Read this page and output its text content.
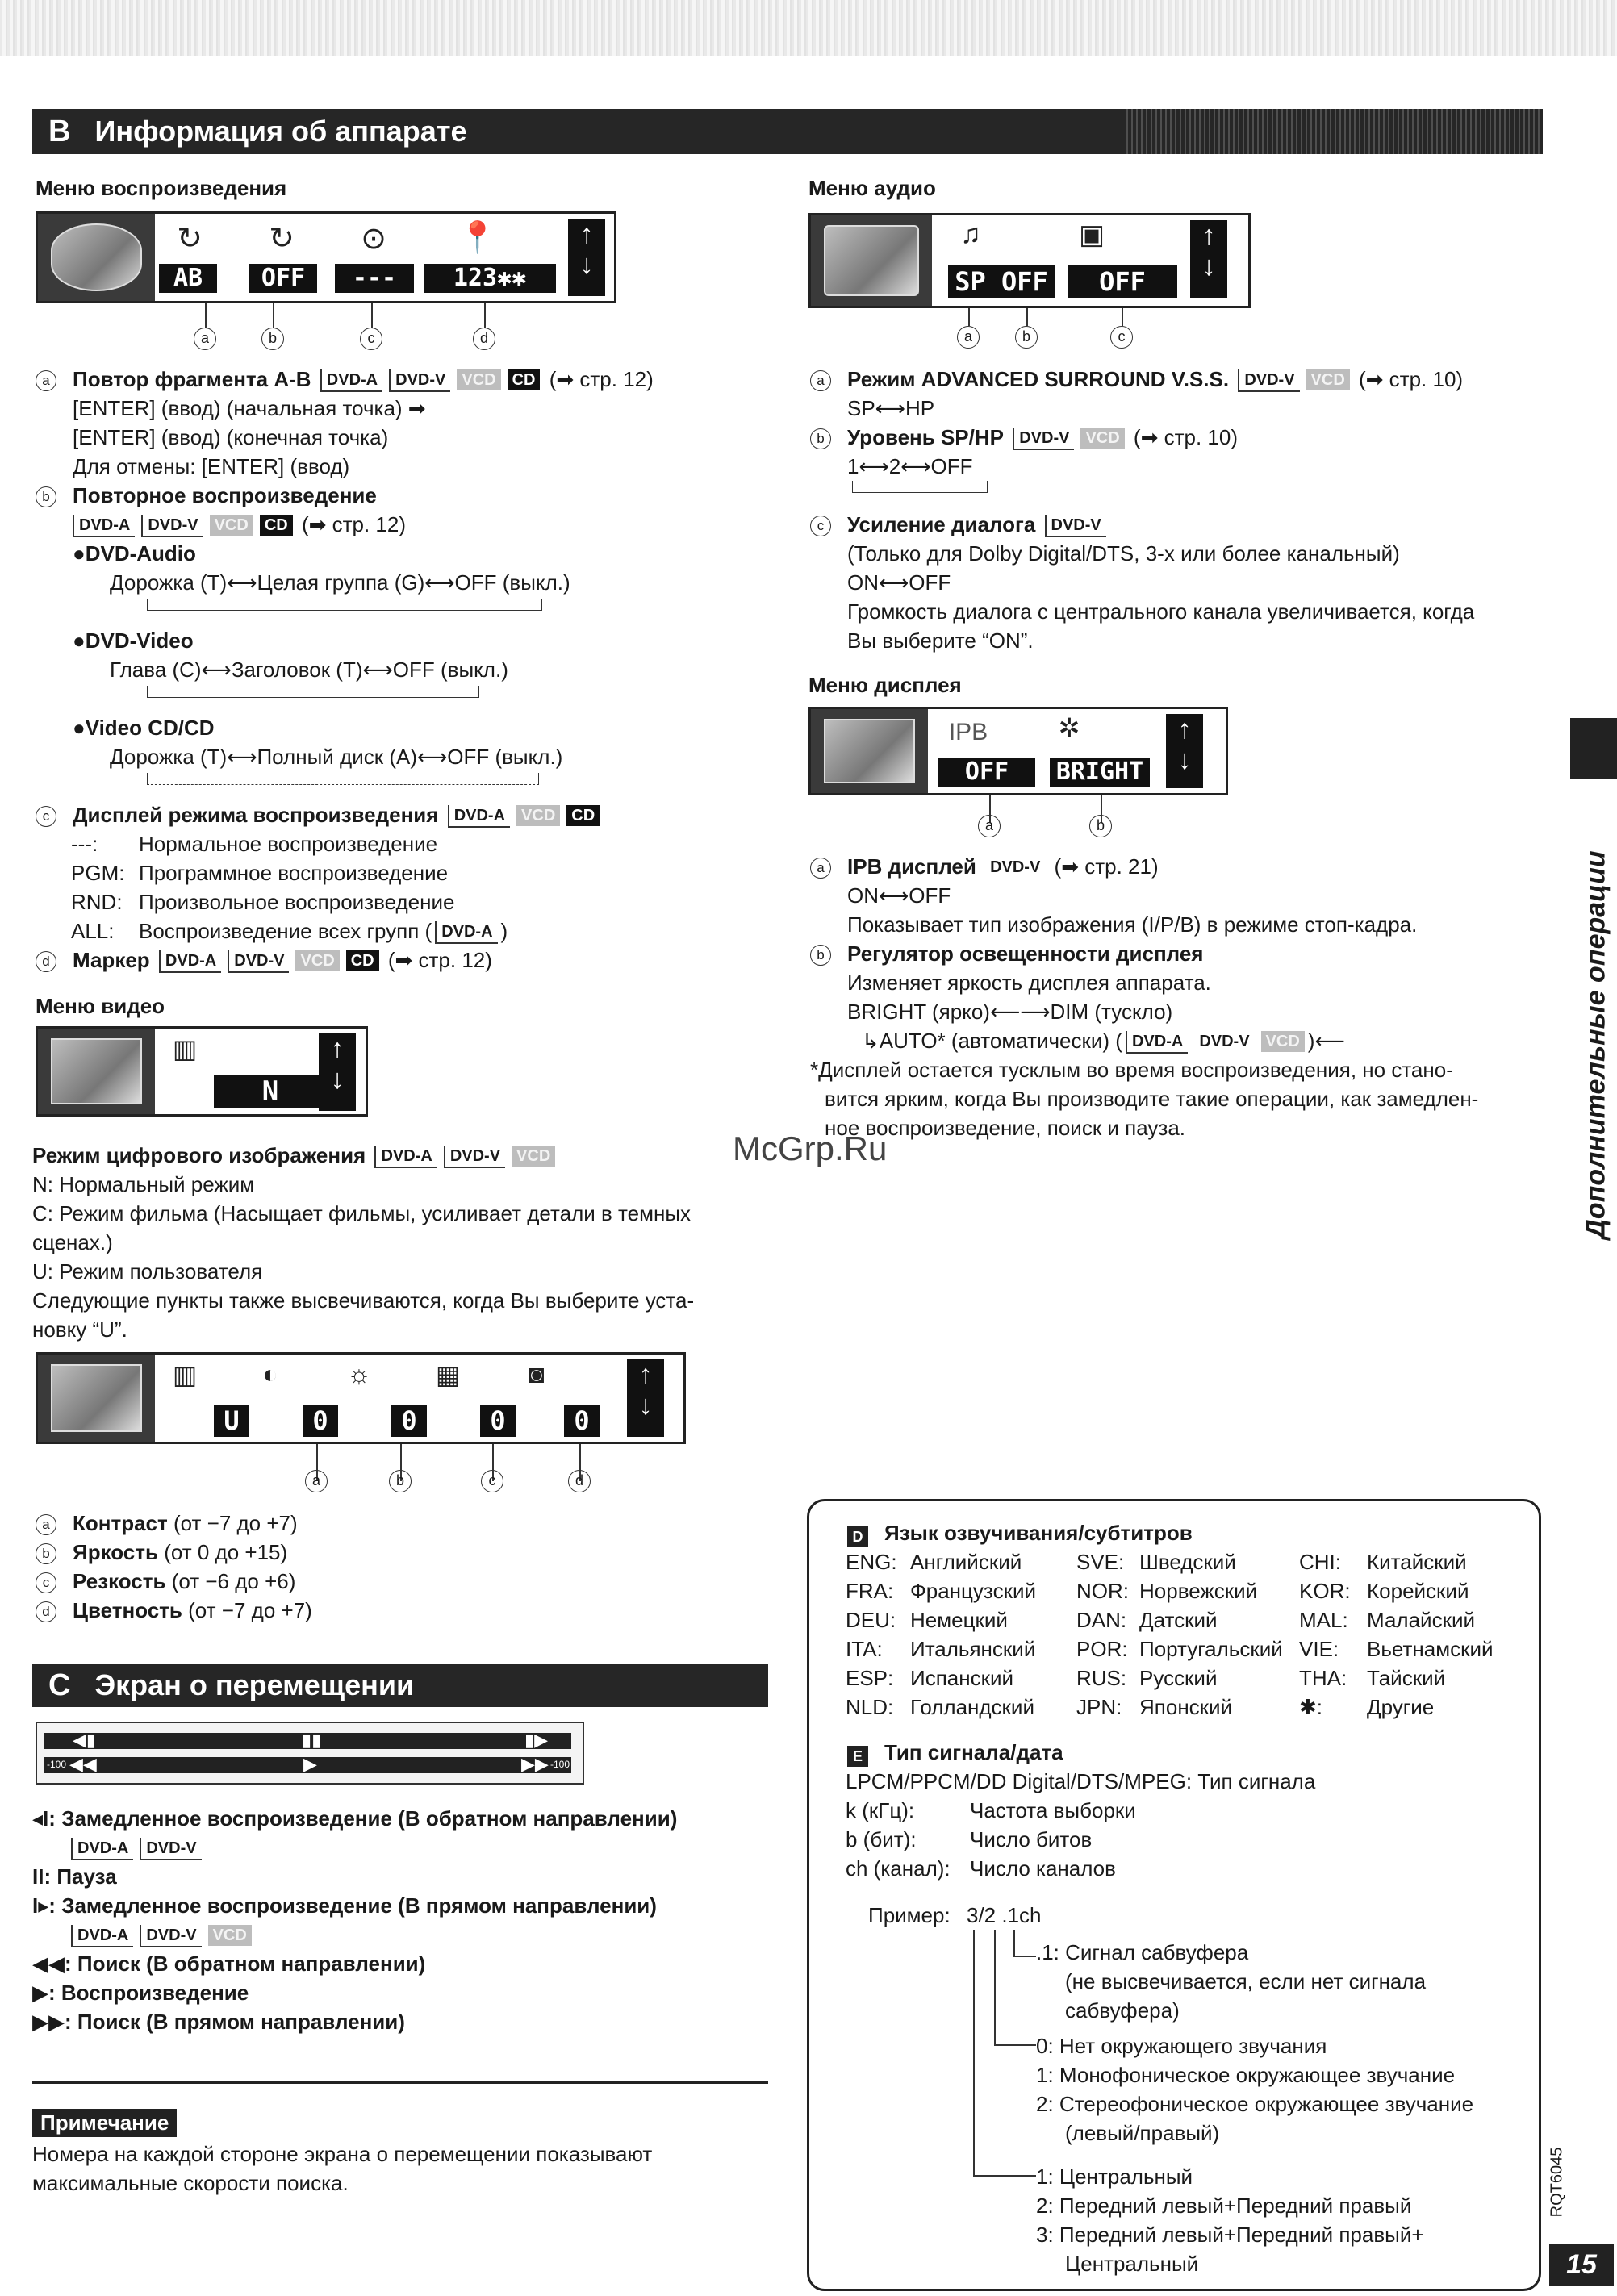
B Информация об аппарате
Меню воспроизведения
↻	↻	⊙	📍
AB	OFF	---	123✱✱
↑
↓
a	b	c	d
a Повтор фрагмента A-B DVD-A DVD-V VCD CD (➡ стр. 12)
[ENTER] (ввод) (начальная точка) ➡
[ENTER] (ввод) (конечная точка)
Для отмены: [ENTER] (ввод)
b Повторное воспроизведение
DVD-A DVD-V VCD CD (➡ стр. 12)
●DVD-Audio
Дорожка (T)⟷Целая группа (G)⟷OFF (выкл.)
●DVD-Video
Глава (C)⟷Заголовок (T)⟷OFF (выкл.)
●Video CD/CD
Дорожка (T)⟷Полный диск (A)⟷OFF (выкл.)
c Дисплей режима воспроизведения DVD-A VCD CD
---: Нормальное воспроизведение
PGM: Программное воспроизведение
RND: Произвольное воспроизведение
ALL: Воспроизведение всех групп ( DVD-A )
d Маркер DVD-A DVD-V VCD CD (➡ стр. 12)
Меню видео
▥
N
↑
↓
Режим цифрового изображения DVD-A DVD-V VCD
N: Нормальный режим
C: Режим фильма (Насыщает фильмы, усиливает детали в темных
сценах.)
U: Режим пользователя
Следующие пункты также высвечиваются, когда Вы выберите уста-
новку “U”.
▥	◐	☼	▦	◙
U	0	0	0	0
↑
↓
a	b	c	d
a Контраст (от −7 до +7)
b Яркость (от 0 до +15)
c Резкость (от −6 до +6)
d Цветность (от −7 до +7)
C Экран о перемещении
◀▮	▮▮	▮▶
◀◀	▶	▶▶
-100	-100
◂I: Замедленное воспроизведение (В обратном направлении)
DVD-A DVD-V
II: Пауза
I▸: Замедленное воспроизведение (В прямом направлении)
DVD-A DVD-V VCD
◀◀: Поиск (В обратном направлении)
▶: Воспроизведение
▶▶: Поиск (В прямом направлении)
Примечание
Номера на каждой стороне экрана о перемещении показывают
максимальные скорости поиска.
Меню аудио
♫	▣
SP OFF	OFF
↑
↓
a	b	c
a Режим ADVANCED SURROUND V.S.S. DVD-V VCD (➡ стр. 10)
SP⟷HP
b Уровень SP/HP DVD-V VCD (➡ стр. 10)
1⟷2⟷OFF
c Усиление диалога DVD-V
(Только для Dolby Digital/DTS, 3-х или более канальный)
ON⟷OFF
Громкость диалога с центрального канала увеличивается, когда
Вы выберите “ON”.
Меню дисплея
IPB	✲
OFF	BRIGHT
↑
↓
a	b
a IPB дисплей DVD-V (➡ стр. 21)
ON⟷OFF
Показывает тип изображения (I/P/B) в режиме стоп-кадра.
b Регулятор освещенности дисплея
Изменяет яркость дисплея аппарата.
BRIGHT (ярко)⟵⟶DIM (тускло)
↳AUTO* (автоматически) ( DVD-A DVD-V VCD )⟵
*Дисплей остается тусклым во время воспроизведения, но стано-
вится ярким, когда Вы производите такие операции, как замедлен-
ное воспроизведение, поиск и пауза.
McGrp.Ru	Дополнительные операции
D Язык озвучивания/субтитров
ENG: Английский	SVE: Шведский	CHI: Китайский
FRA: Французский NOR: Норвежский KOR: Корейский
DEU: Немецкий	DAN: Датский	MAL: Малайский
ITA: Итальянский POR: Португальский VIE: Вьетнамский
ESP: Испанский	RUS: Русский	THA: Тайский
NLD: Голландский JPN: Японский	✱: Другие
E Тип сигнала/дата
LPCM/PPCM/DD Digital/DTS/MPEG: Тип сигнала
k (кГц):	Частота выборки
b (бит):	Число битов
ch (канал): Число каналов
Пример: 3/2 .1ch
.1: Сигнал сабвуфера
(не высвечивается, если нет сигнала
сабвуфера)
0: Нет окружающего звучания
1: Монофоническое окружающее звучание
2: Стереофоническое окружающее звучание
(левый/правый)
1: Центральный
2: Передний левый+Передний правый
3: Передний левый+Передний правый+
Центральный
RQT6045
15
